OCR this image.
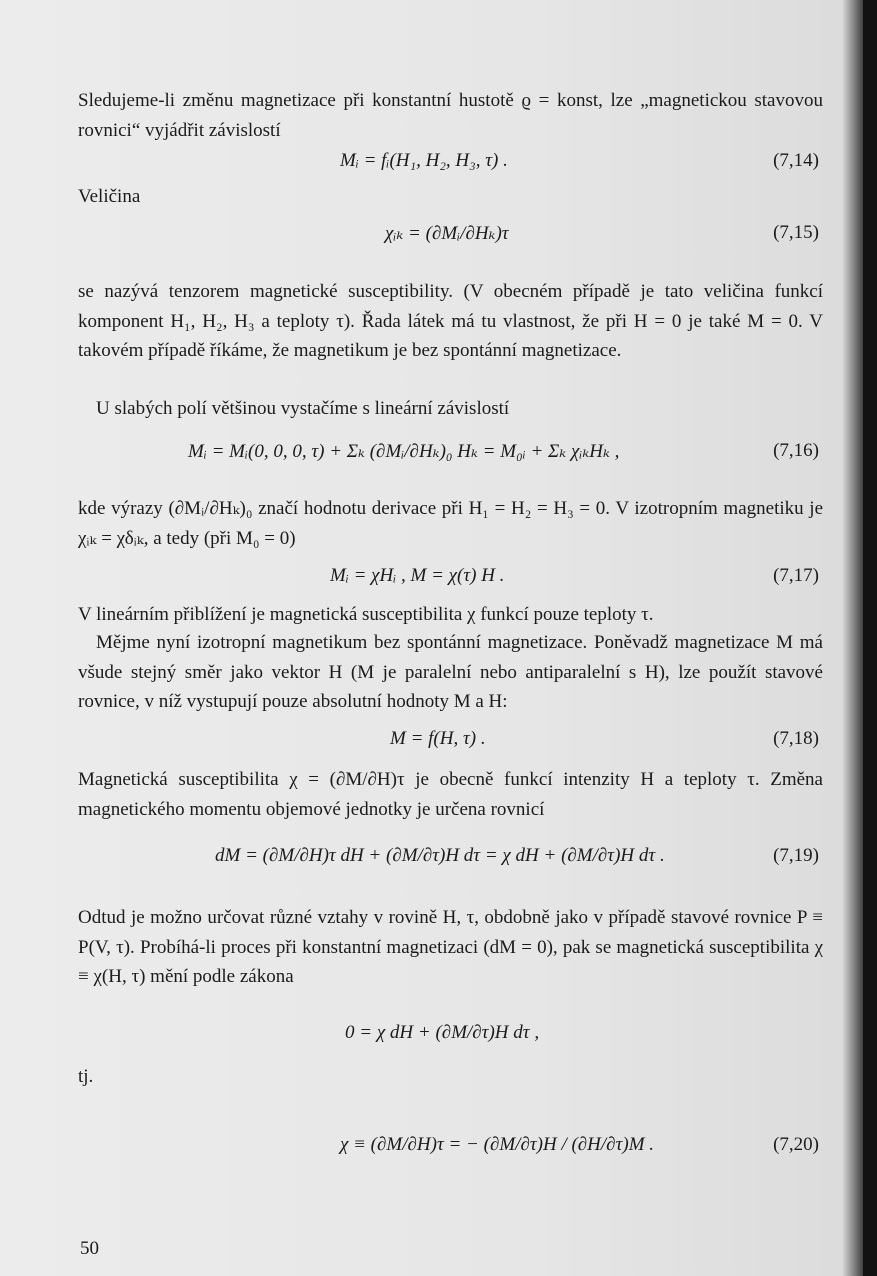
Sledujeme-li změnu magnetizace při konstantní hustotě ϱ = konst, lze „magnetickou stavovou rovnici“ vyjádřit závislostí

Mᵢ = fᵢ(H₁, H₂, H₃, τ) .	(7,14)

Veličina

χᵢₖ = (∂Mᵢ/∂Hₖ)τ	(7,15)

se nazývá tenzorem magnetické susceptibility. (V obecném případě je tato veličina funkcí komponent H₁, H₂, H₃ a teploty τ). Řada látek má tu vlastnost, že při H = 0 je také M = 0. V takovém případě říkáme, že magnetikum je bez spontánní magnetizace.

U slabých polí většinou vystačíme s lineární závislostí

Mᵢ = Mᵢ(0, 0, 0, τ) + Σₖ (∂Mᵢ/∂Hₖ)₀ Hₖ = M₀ᵢ + Σₖ χᵢₖHₖ ,	(7,16)

kde výrazy (∂Mᵢ/∂Hₖ)₀ značí hodnotu derivace při H₁ = H₂ = H₃ = 0. V izotropním magnetiku je χᵢₖ = χδᵢₖ, a tedy (při M₀ = 0)

Mᵢ = χHᵢ , M = χ(τ) H .	(7,17)

V lineárním přiblížení je magnetická susceptibilita χ funkcí pouze teploty τ.

Mějme nyní izotropní magnetikum bez spontánní magnetizace. Poněvadž magnetizace M má všude stejný směr jako vektor H (M je paralelní nebo antiparalelní s H), lze použít stavové rovnice, v níž vystupují pouze absolutní hodnoty M a H:

M = f(H, τ) .	(7,18)

Magnetická susceptibilita χ = (∂M/∂H)τ je obecně funkcí intenzity H a teploty τ. Změna magnetického momentu objemové jednotky je určena rovnicí

dM = (∂M/∂H)τ dH + (∂M/∂τ)H dτ = χ dH + (∂M/∂τ)H dτ .	(7,19)

Odtud je možno určovat různé vztahy v rovině H, τ, obdobně jako v případě stavové rovnice P ≡ P(V, τ). Probíhá-li proces při konstantní magnetizaci (dM = 0), pak se magnetická susceptibilita χ ≡ χ(H, τ) mění podle zákona

0 = χ dH + (∂M/∂τ)H dτ ,

tj.

χ ≡ (∂M/∂H)τ = − (∂M/∂τ)H / (∂H/∂τ)M .	(7,20)

50
